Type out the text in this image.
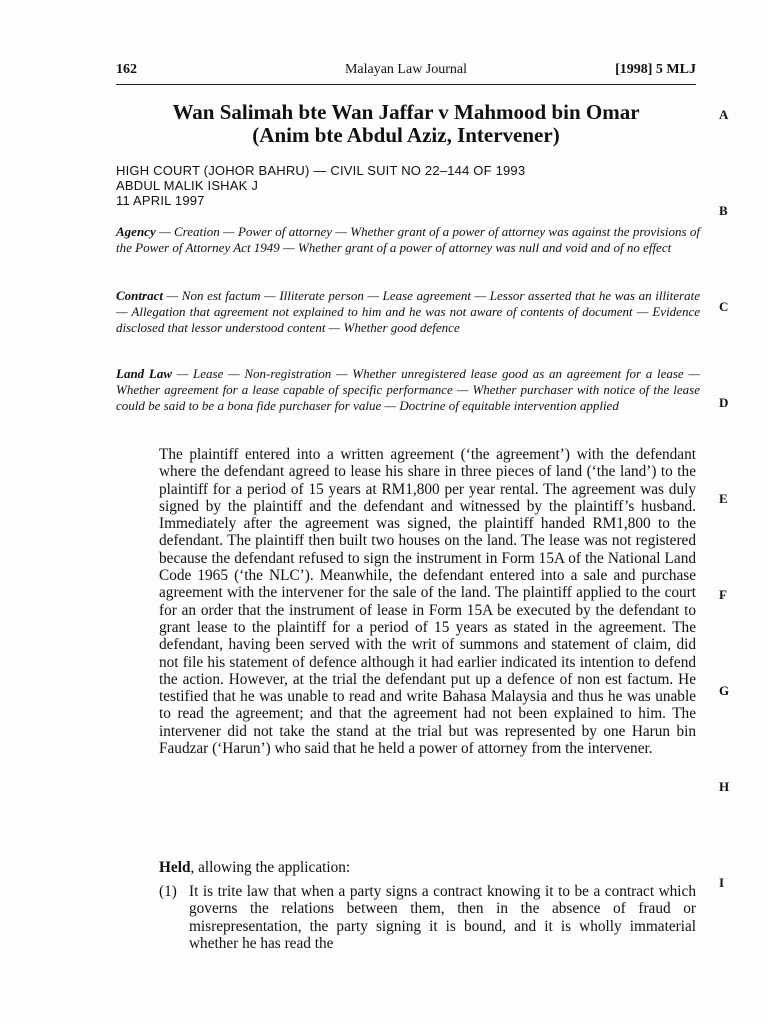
162	Malayan Law Journal	[1998] 5 MLJ
Wan Salimah bte Wan Jaffar v Mahmood bin Omar
(Anim bte Abdul Aziz, Intervener)
HIGH COURT (JOHOR BAHRU) — CIVIL SUIT NO 22–144 OF 1993
ABDUL MALIK ISHAK J
11 APRIL 1997
Agency — Creation — Power of attorney — Whether grant of a power of attorney was against the provisions of the Power of Attorney Act 1949 — Whether grant of a power of attorney was null and void and of no effect
Contract — Non est factum — Illiterate person — Lease agreement — Lessor asserted that he was an illiterate — Allegation that agreement not explained to him and he was not aware of contents of document — Evidence disclosed that lessor understood content — Whether good defence
Land Law — Lease — Non-registration — Whether unregistered lease good as an agreement for a lease — Whether agreement for a lease capable of specific performance — Whether purchaser with notice of the lease could be said to be a bona fide purchaser for value — Doctrine of equitable intervention applied
The plaintiff entered into a written agreement (‘the agreement’) with the defendant where the defendant agreed to lease his share in three pieces of land (‘the land’) to the plaintiff for a period of 15 years at RM1,800 per year rental. The agreement was duly signed by the plaintiff and the defendant and witnessed by the plaintiff’s husband. Immediately after the agreement was signed, the plaintiff handed RM1,800 to the defendant. The plaintiff then built two houses on the land. The lease was not registered because the defendant refused to sign the instrument in Form 15A of the National Land Code 1965 (‘the NLC’). Meanwhile, the defendant entered into a sale and purchase agreement with the intervener for the sale of the land. The plaintiff applied to the court for an order that the instrument of lease in Form 15A be executed by the defendant to grant lease to the plaintiff for a period of 15 years as stated in the agreement. The defendant, having been served with the writ of summons and statement of claim, did not file his statement of defence although it had earlier indicated its intention to defend the action. However, at the trial the defendant put up a defence of non est factum. He testified that he was unable to read and write Bahasa Malaysia and thus he was unable to read the agreement; and that the agreement had not been explained to him. The intervener did not take the stand at the trial but was represented by one Harun bin Faudzar (‘Harun’) who said that he held a power of attorney from the intervener.
Held, allowing the application:
(1) It is trite law that when a party signs a contract knowing it to be a contract which governs the relations between them, then in the absence of fraud or misrepresentation, the party signing it is bound, and it is wholly immaterial whether he has read the
A
B
C
D
E
F
G
H
I
